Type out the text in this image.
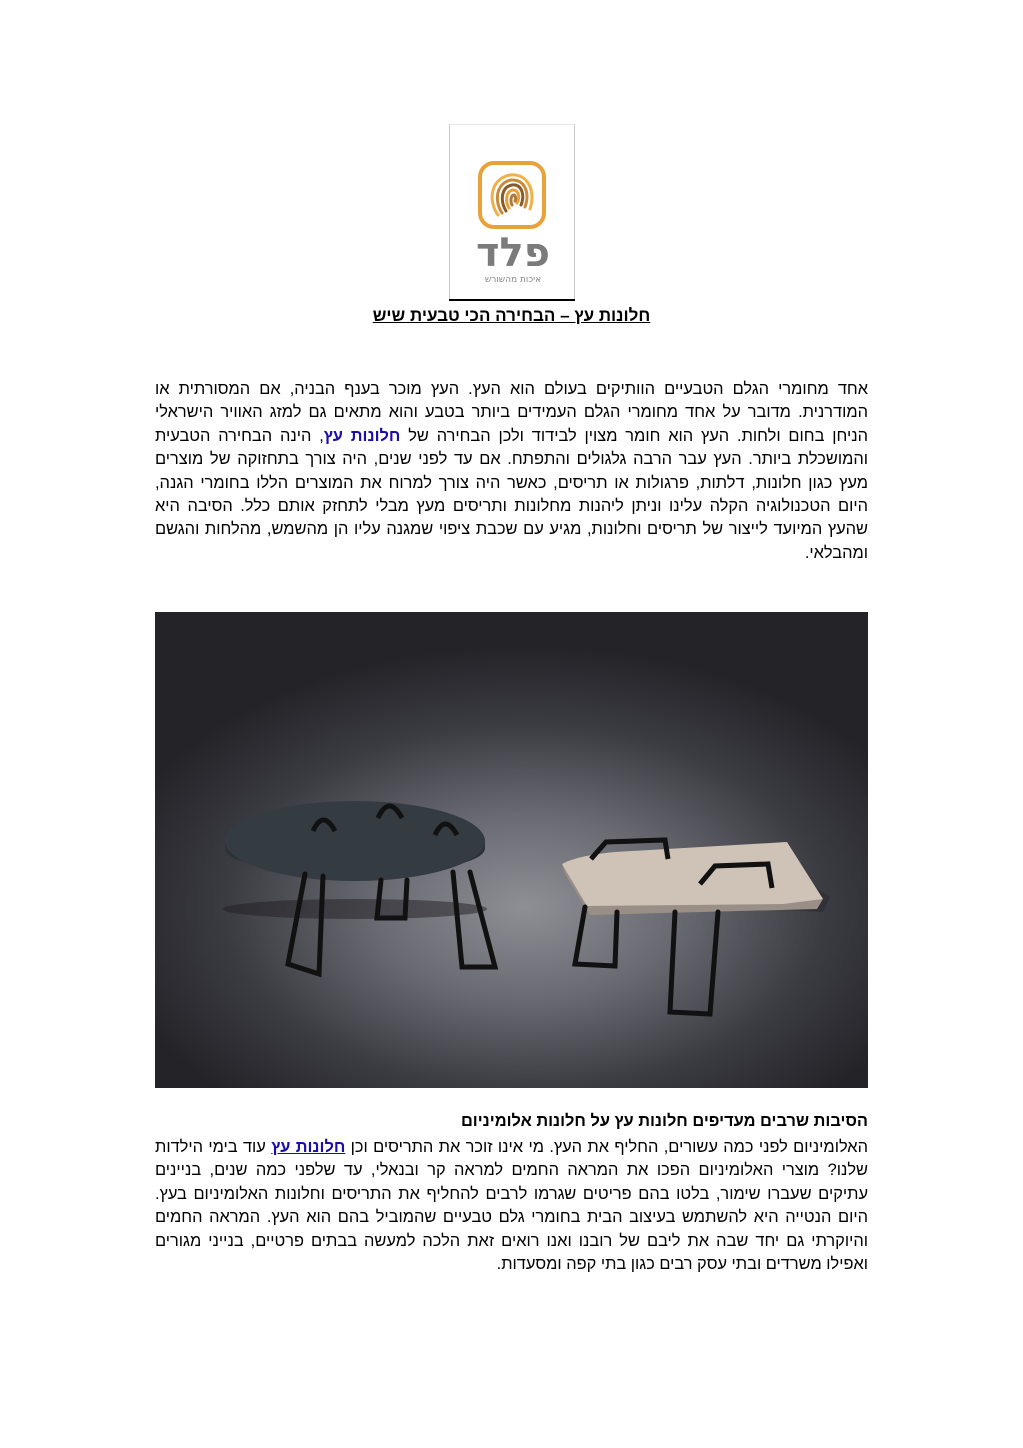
פלד
איכות מהשורש
חלונות עץ – הבחירה הכי טבעית שיש

אחד מחומרי הגלם הטבעיים הוותיקים בעולם הוא העץ. העץ מוכר בענף הבניה, אם המסורתית או המודרנית. מדובר על אחד מחומרי הגלם העמידים ביותר בטבע והוא מתאים גם למזג האוויר הישראלי הניחן בחום ולחות. העץ הוא חומר מצוין לבידוד ולכן הבחירה של חלונות עץ, הינה הבחירה הטבעית והמושכלת ביותר. העץ עבר הרבה גלגולים והתפתח. אם עד לפני שנים, היה צורך בתחזוקה של מוצרים מעץ כגון חלונות, דלתות, פרגולות או תריסים, כאשר היה צורך למרוח את המוצרים הללו בחומרי הגנה, היום הטכנולוגיה הקלה עלינו וניתן ליהנות מחלונות ותריסים מעץ מבלי לתחזק אותם כלל. הסיבה היא שהעץ המיועד לייצור של תריסים וחלונות, מגיע עם שכבת ציפוי שמגנה עליו הן מהשמש, מהלחות והגשם ומהבלאי.

הסיבות שרבים מעדיפים חלונות עץ על חלונות אלומיניום

האלומיניום לפני כמה עשורים, החליף את העץ. מי אינו זוכר את התריסים וכן חלונות עץ עוד בימי הילדות שלנו? מוצרי האלומיניום הפכו את המראה החמים למראה קר ובנאלי, עד שלפני כמה שנים, בניינים עתיקים שעברו שימור, בלטו בהם פריטים שגרמו לרבים להחליף את התריסים וחלונות האלומיניום בעץ. היום הנטייה היא להשתמש בעיצוב הבית בחומרי גלם טבעיים שהמוביל בהם הוא העץ. המראה החמים והיוקרתי גם יחד שבה את ליבם של רובנו ואנו רואים זאת הלכה למעשה בבתים פרטיים, בנייני מגורים ואפילו משרדים ובתי עסק רבים כגון בתי קפה ומסעדות.
